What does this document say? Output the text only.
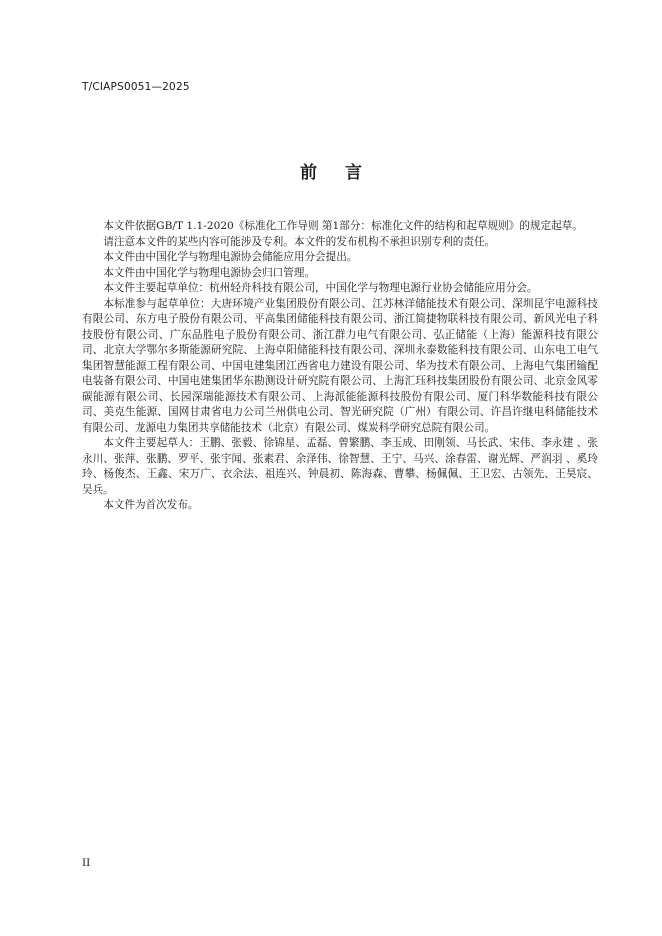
T/CIAPS0051—2025
前言

本文件依据GB/T 1.1-2020《标准化工作导则 第1部分：标准化文件的结构和起草规则》的规定起草。

请注意本文件的某些内容可能涉及专利。本文件的发布机构不承担识别专利的责任。

本文件由中国化学与物理电源协会储能应用分会提出。

本文件由中国化学与物理电源协会归口管理。

本文件主要起草单位：杭州轻舟科技有限公司，中国化学与物理电源行业协会储能应用分会。

本标准参与起草单位：大唐环境产业集团股份有限公司、江苏林洋储能技术有限公司、深圳昆宇电源科技有限公司、东方电子股份有限公司、平高集团储能科技有限公司、浙江简捷物联科技有限公司、新风光电子科技股份有限公司、广东品胜电子股份有限公司、浙江群力电气有限公司、弘正储能（上海）能源科技有限公司、北京大学鄂尔多斯能源研究院、上海卓阳储能科技有限公司、深圳永泰数能科技有限公司、山东电工电气集团智慧能源工程有限公司、中国电建集团江西省电力建设有限公司、华为技术有限公司、上海电气集团输配电装备有限公司、中国电建集团华东勘测设计研究院有限公司、上海汇珏科技集团股份有限公司、北京金风零碳能源有限公司、长园深瑞能源技术有限公司、上海派能能源科技股份有限公司、厦门科华数能科技有限公司、美克生能源、国网甘肃省电力公司兰州供电公司、智光研究院（广州）有限公司、许昌许继电科储能技术有限公司、龙源电力集团共享储能技术（北京）有限公司、煤炭科学研究总院有限公司。

本文件主要起草人：王鹏、张毅、徐锦星、孟磊、曾繁鹏、李玉成、田刚领、马长武、宋伟、李永建 、张永川、张萍、张鹏、罗平、张宇闻、张素君、余泽伟、徐智慧、王宁、马兴、涂春雷、谢光辉、严润羽 、奚玲玲、杨俊杰、王鑫、宋万广、衣余法、祖连兴、钟晨初、陈海森、曹攀、杨佩佩、王卫宏、古领先、王昊宸、 吴兵。

本文件为首次发布。

II
